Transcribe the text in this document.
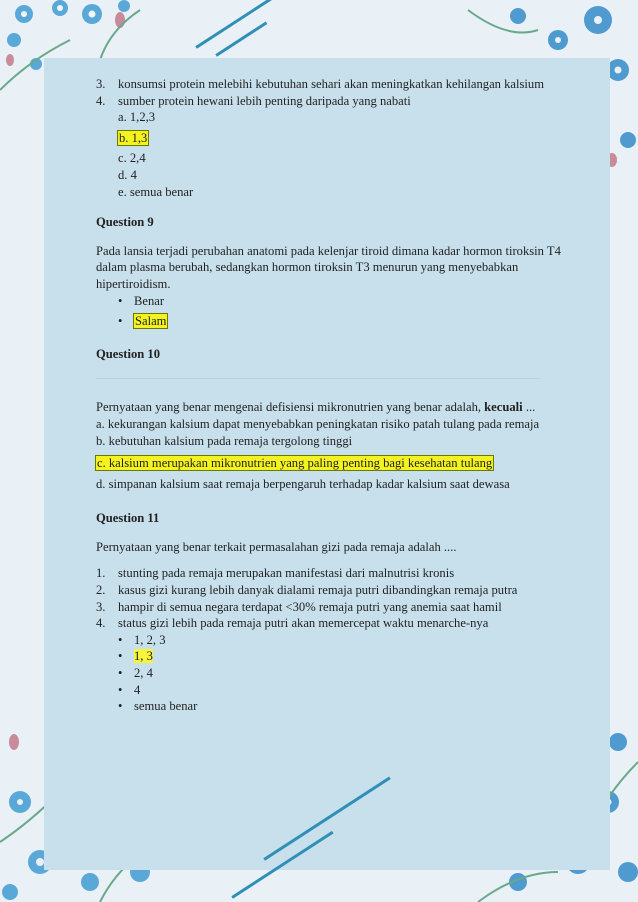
3. konsumsi protein melebihi kebutuhan sehari akan meningkatkan kehilangan kalsium
4. sumber protein hewani lebih penting daripada yang nabati
a. 1,2,3
b. 1,3
c. 2,4
d. 4
e. semua benar
Question 9

Pada lansia terjadi perubahan anatomi pada kelenjar tiroid dimana kadar hormon tiroksin T4 dalam plasma berubah, sedangkan hormon tiroksin T3 menurun yang menyebabkan hipertiroidism.

• Benar
• Salam
Question 10

Pernyataan yang benar mengenai defisiensi mikronutrien yang benar adalah, kecuali ...

a. kekurangan kalsium dapat menyebabkan peningkatan risiko patah tulang pada remaja
b. kebutuhan kalsium pada remaja tergolong tinggi
c. kalsium merupakan mikronutrien yang paling penting bagi kesehatan tulang
d. simpanan kalsium saat remaja berpengaruh terhadap kadar kalsium saat dewasa
Question 11

Pernyataan yang benar terkait permasalahan gizi pada remaja adalah ....

1. stunting pada remaja merupakan manifestasi dari malnutrisi kronis
2. kasus gizi kurang lebih danyak dialami remaja putri dibandingkan remaja putra
3. hampir di semua negara terdapat <30% remaja putri yang anemia saat hamil
4. status gizi lebih pada remaja putri akan memercepat waktu menarche-nya
• 1, 2, 3
• 1, 3
• 2, 4
• 4
• semua benar
